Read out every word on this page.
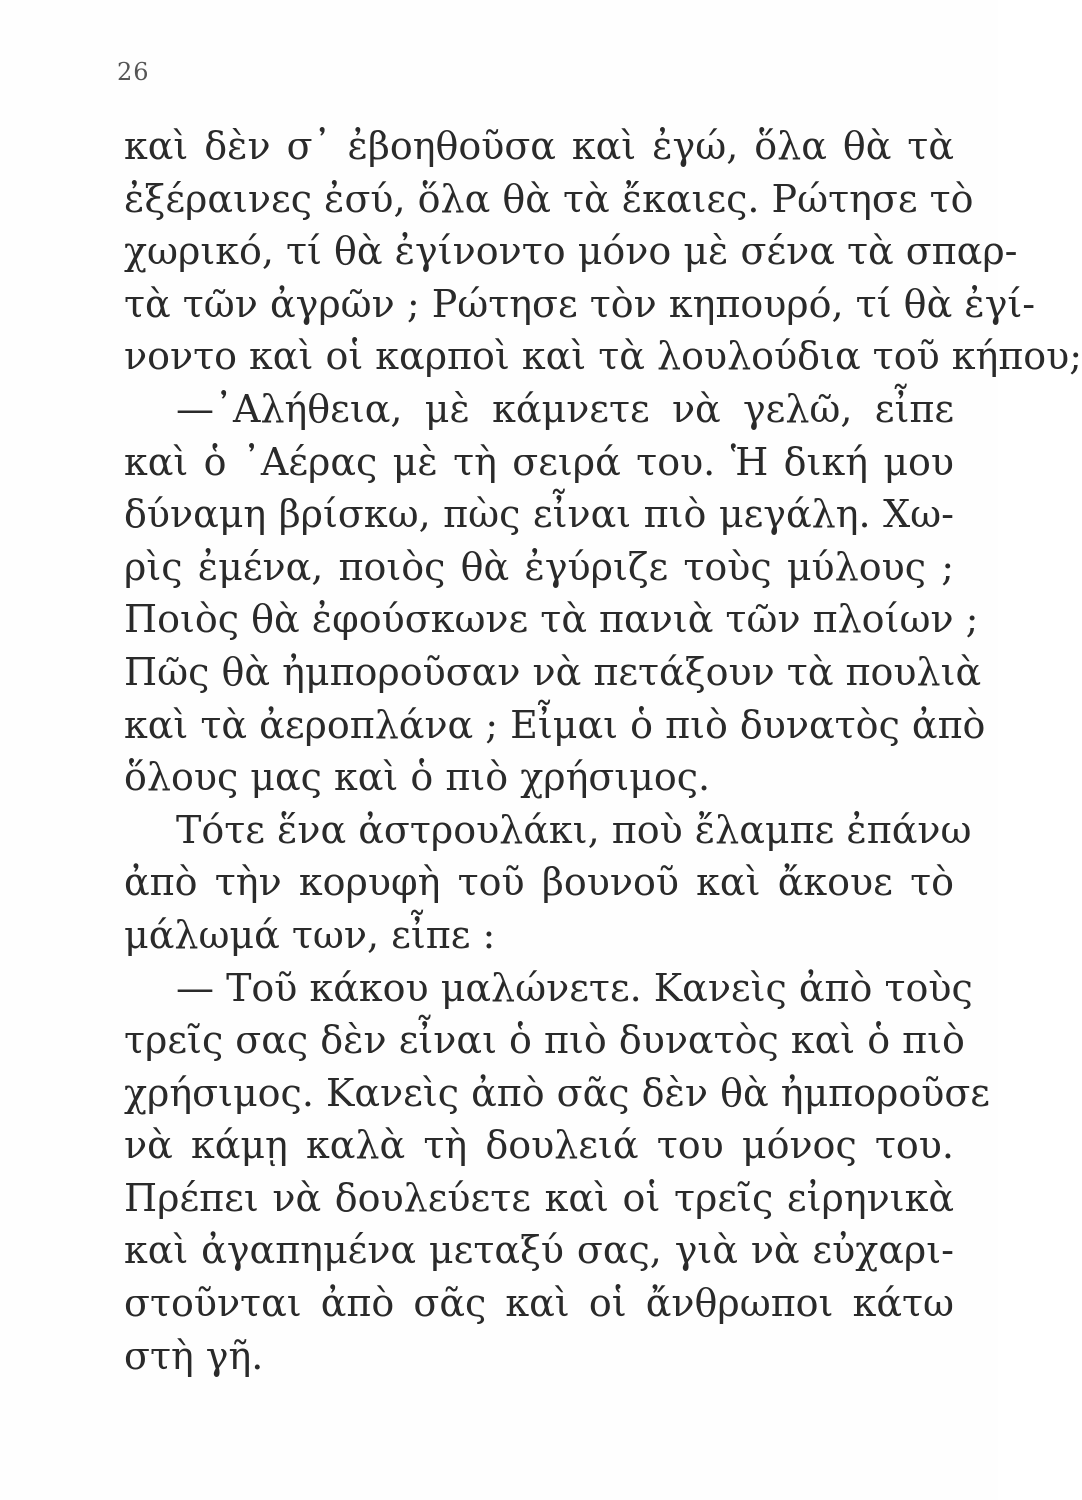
26
καὶ δὲν σ᾿ ἐβοηθοῦσα καὶ ἐγώ, ὅλα θὰ τὰ
ἐξέραινες ἐσύ, ὅλα θὰ τὰ ἔκαιες. Ρώτησε τὸ
χωρικό, τί θὰ ἐγίνοντο μόνο μὲ σένα τὰ σπαρ-
τὰ τῶν ἀγρῶν ; Ρώτησε τὸν κηπουρό, τί θὰ ἐγί-
νοντο καὶ οἱ καρποὶ καὶ τὰ λουλούδια τοῦ κήπου;
—᾿Αλήθεια, μὲ κάμνετε νὰ γελῶ, εἶπε
καὶ ὁ ᾿Αέρας μὲ τὴ σειρά του. Ἡ δική μου
δύναμη βρίσκω, πὼς εἶναι πιὸ μεγάλη. Χω-
ρὶς ἐμένα, ποιὸς θὰ ἐγύριζε τοὺς μύλους ;
Ποιὸς θὰ ἐφούσκωνε τὰ πανιὰ τῶν πλοίων ;
Πῶς θὰ ἠμποροῦσαν νὰ πετάξουν τὰ πουλιὰ
καὶ τὰ ἀεροπλάνα ; Εἶμαι ὁ πιὸ δυνατὸς ἀπὸ
ὅλους μας καὶ ὁ πιὸ χρήσιμος.
Τότε ἕνα ἀστρουλάκι, ποὺ ἔλαμπε ἐπάνω
ἀπὸ τὴν κορυφὴ τοῦ βουνοῦ καὶ ἄκουε τὸ
μάλωμά των, εἶπε :
— Τοῦ κάκου μαλώνετε. Κανεὶς ἀπὸ τοὺς
τρεῖς σας δὲν εἶναι ὁ πιὸ δυνατὸς καὶ ὁ πιὸ
χρήσιμος. Κανεὶς ἀπὸ σᾶς δὲν θὰ ἠμποροῦσε
νὰ κάμῃ καλὰ τὴ δουλειά του μόνος του.
Πρέπει νὰ δουλεύετε καὶ οἱ τρεῖς εἰρηνικὰ
καὶ ἀγαπημένα μεταξύ σας, γιὰ νὰ εὐχαρι-
στοῦνται ἀπὸ σᾶς καὶ οἱ ἄνθρωποι κάτω
στὴ γῆ.
